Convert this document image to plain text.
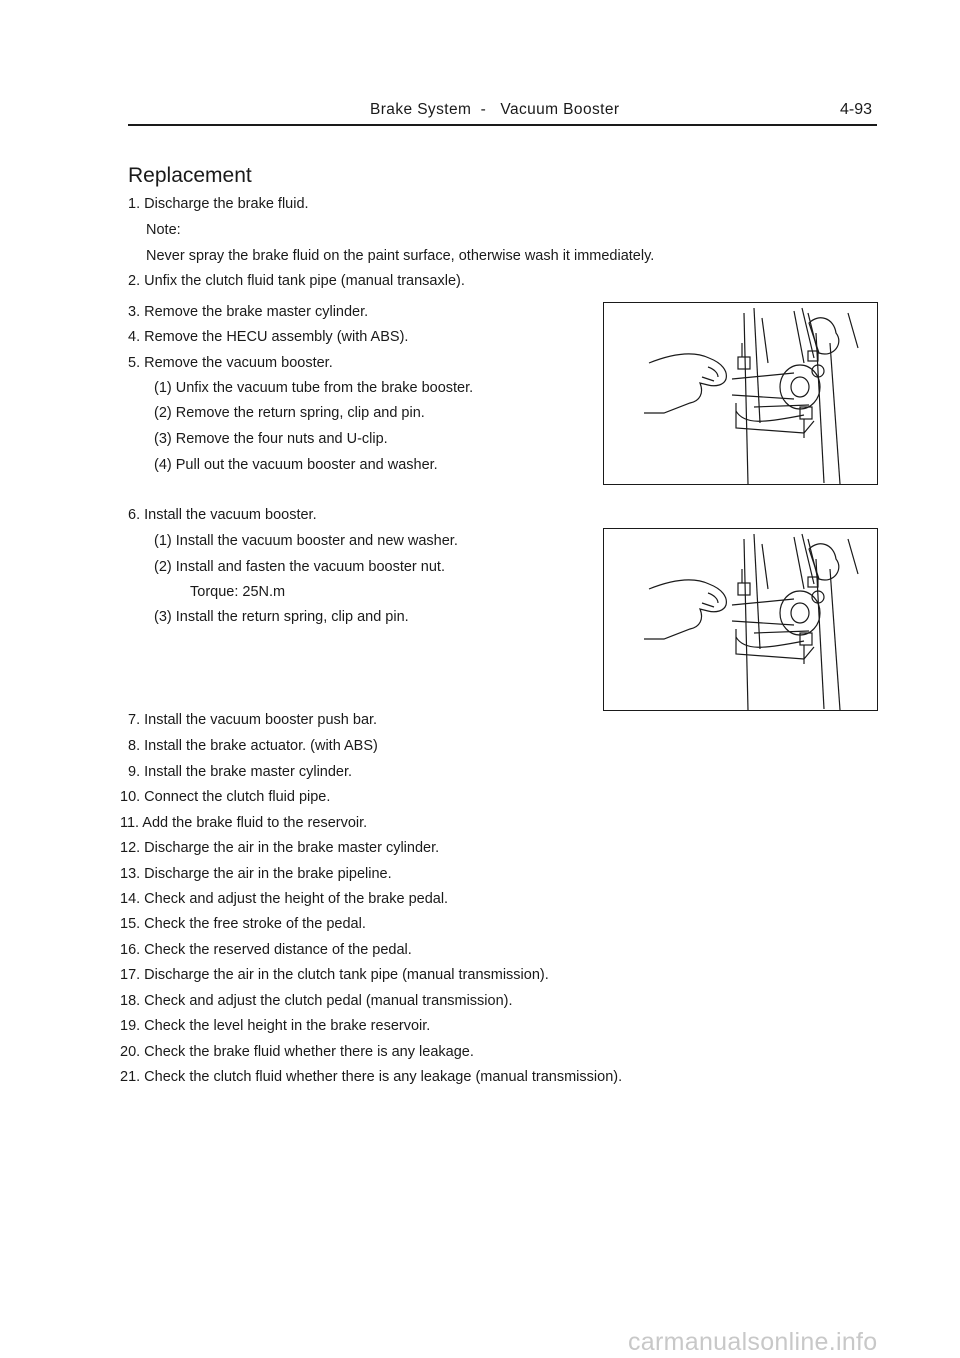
Brake System  -   Vacuum Booster	4-93
Replacement
1. Discharge the brake fluid.
Note:
Never spray the brake fluid on the paint surface, otherwise wash it immediately.
2. Unfix the clutch fluid tank pipe (manual transaxle).
3. Remove the brake master cylinder.
4. Remove the HECU assembly (with ABS).
5. Remove the vacuum booster.
(1) Unfix the vacuum tube from the brake booster.
(2) Remove the return spring, clip and pin.
(3) Remove the four nuts and U-clip.
(4) Pull out the vacuum booster and washer.
6. Install the vacuum booster.
(1) Install the vacuum booster and new washer.
(2) Install and fasten the vacuum booster nut.
Torque: 25N.m
(3) Install the return spring, clip and pin.
7. Install the vacuum booster push bar.
8. Install the brake actuator. (with ABS)
9. Install the brake master cylinder.
10. Connect the clutch fluid pipe.
11. Add the brake fluid to the reservoir.
12. Discharge the air in the brake master cylinder.
13. Discharge the air in the brake pipeline.
14. Check and adjust the height of the brake pedal.
15. Check the free stroke of the pedal.
16. Check the reserved distance of the pedal.
17. Discharge the air in the clutch tank pipe (manual transmission).
18. Check and adjust the clutch pedal (manual transmission).
19. Check the level height in the brake reservoir.
20. Check the brake fluid whether there is any leakage.
21. Check the clutch fluid whether there is any leakage (manual transmission).
carmanualsonline.info
